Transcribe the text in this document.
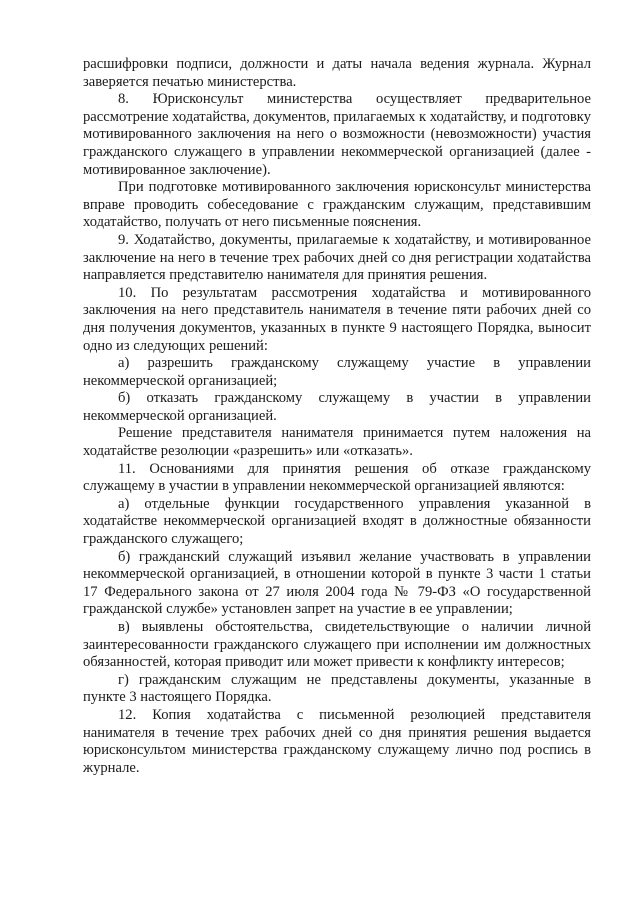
расшифровки подписи, должности и даты начала ведения журнала. Журнал заверяется печатью министерства.

8. Юрисконсульт министерства осуществляет предварительное рассмотрение ходатайства, документов, прилагаемых к ходатайству, и подготовку мотивированного заключения на него о возможности (невозможности) участия гражданского служащего в управлении некоммерческой организацией (далее - мотивированное заключение).

При подготовке мотивированного заключения юрисконсульт министерства вправе проводить собеседование с гражданским служащим, представившим ходатайство, получать от него письменные пояснения.

9. Ходатайство, документы, прилагаемые к ходатайству, и мотивированное заключение на него в течение трех рабочих дней со дня регистрации ходатайства направляется представителю нанимателя для принятия решения.

10. По результатам рассмотрения ходатайства и мотивированного заключения на него представитель нанимателя в течение пяти рабочих дней со дня получения документов, указанных в пункте 9 настоящего Порядка, выносит одно из следующих решений:

а) разрешить гражданскому служащему участие в управлении некоммерческой организацией;

б) отказать гражданскому служащему в участии в управлении некоммерческой организацией.

Решение представителя нанимателя принимается путем наложения на ходатайстве резолюции «разрешить» или «отказать».

11. Основаниями для принятия решения об отказе гражданскому служащему в участии в управлении некоммерческой организацией являются:

а) отдельные функции государственного управления указанной в ходатайстве некоммерческой организацией входят в должностные обязанности гражданского служащего;

б) гражданский служащий изъявил желание участвовать в управлении некоммерческой организацией, в отношении которой в пункте 3 части 1 статьи 17 Федерального закона от 27 июля 2004 года № 79-ФЗ «О государственной гражданской службе» установлен запрет на участие в ее управлении;

в) выявлены обстоятельства, свидетельствующие о наличии личной заинтересованности гражданского служащего при исполнении им должностных обязанностей, которая приводит или может привести к конфликту интересов;

г) гражданским служащим не представлены документы, указанные в пункте 3 настоящего Порядка.

12. Копия ходатайства с письменной резолюцией представителя нанимателя в течение трех рабочих дней со дня принятия решения выдается юрисконсультом министерства гражданскому служащему лично под роспись в журнале.
